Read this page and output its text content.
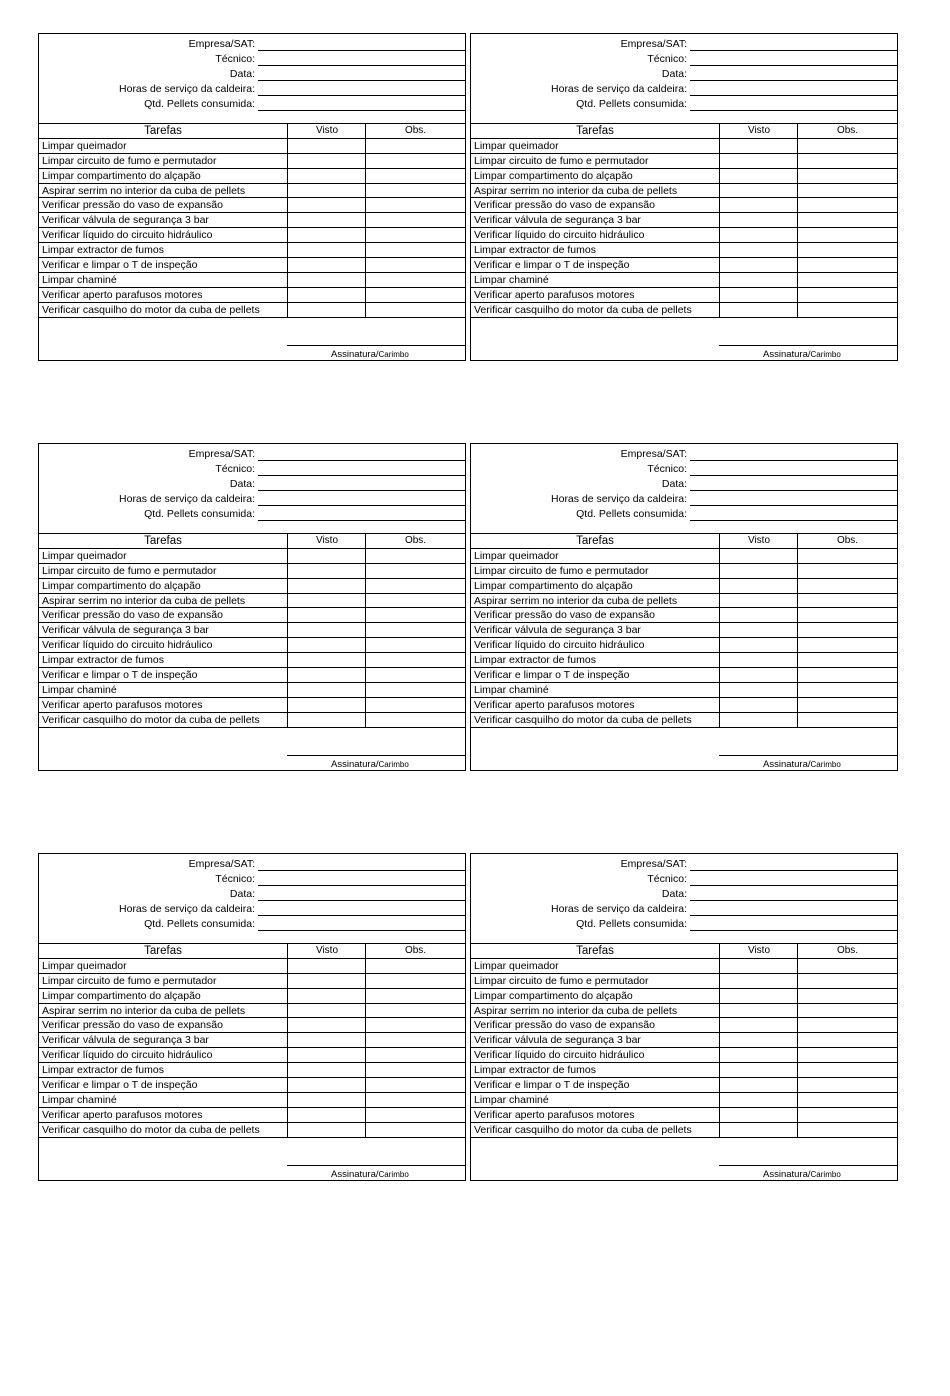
Empresa/SAT:
Técnico:
Data:
Horas de serviço da caldeira:
Qtd. Pellets consumida:
Tarefas	Visto	Obs.
Limpar queimador
Limpar circuito de fumo e permutador
Limpar compartimento do alçapão
Aspirar serrim no interior da cuba de pellets
Verificar pressão do vaso de expansão
Verificar válvula de segurança 3 bar
Verificar líquido do circuito hidráulico
Limpar extractor de fumos
Verificar e limpar o T de inspeção
Limpar chaminé
Verificar aperto parafusos motores
Verificar casquilho do motor da cuba de pellets
Assinatura/Carimbo
Empresa/SAT:
Técnico:
Data:
Horas de serviço da caldeira:
Qtd. Pellets consumida:
Tarefas	Visto	Obs.
Limpar queimador
Limpar circuito de fumo e permutador
Limpar compartimento do alçapão
Aspirar serrim no interior da cuba de pellets
Verificar pressão do vaso de expansão
Verificar válvula de segurança 3 bar
Verificar líquido do circuito hidráulico
Limpar extractor de fumos
Verificar e limpar o T de inspeção
Limpar chaminé
Verificar aperto parafusos motores
Verificar casquilho do motor da cuba de pellets
Assinatura/Carimbo
Empresa/SAT:
Técnico:
Data:
Horas de serviço da caldeira:
Qtd. Pellets consumida:
Tarefas	Visto	Obs.
Limpar queimador
Limpar circuito de fumo e permutador
Limpar compartimento do alçapão
Aspirar serrim no interior da cuba de pellets
Verificar pressão do vaso de expansão
Verificar válvula de segurança 3 bar
Verificar líquido do circuito hidráulico
Limpar extractor de fumos
Verificar e limpar o T de inspeção
Limpar chaminé
Verificar aperto parafusos motores
Verificar casquilho do motor da cuba de pellets
Assinatura/Carimbo
Empresa/SAT:
Técnico:
Data:
Horas de serviço da caldeira:
Qtd. Pellets consumida:
Tarefas	Visto	Obs.
Limpar queimador
Limpar circuito de fumo e permutador
Limpar compartimento do alçapão
Aspirar serrim no interior da cuba de pellets
Verificar pressão do vaso de expansão
Verificar válvula de segurança 3 bar
Verificar líquido do circuito hidráulico
Limpar extractor de fumos
Verificar e limpar o T de inspeção
Limpar chaminé
Verificar aperto parafusos motores
Verificar casquilho do motor da cuba de pellets
Assinatura/Carimbo
Empresa/SAT:
Técnico:
Data:
Horas de serviço da caldeira:
Qtd. Pellets consumida:
Tarefas	Visto	Obs.
Limpar queimador
Limpar circuito de fumo e permutador
Limpar compartimento do alçapão
Aspirar serrim no interior da cuba de pellets
Verificar pressão do vaso de expansão
Verificar válvula de segurança 3 bar
Verificar líquido do circuito hidráulico
Limpar extractor de fumos
Verificar e limpar o T de inspeção
Limpar chaminé
Verificar aperto parafusos motores
Verificar casquilho do motor da cuba de pellets
Assinatura/Carimbo
Empresa/SAT:
Técnico:
Data:
Horas de serviço da caldeira:
Qtd. Pellets consumida:
Tarefas	Visto	Obs.
Limpar queimador
Limpar circuito de fumo e permutador
Limpar compartimento do alçapão
Aspirar serrim no interior da cuba de pellets
Verificar pressão do vaso de expansão
Verificar válvula de segurança 3 bar
Verificar líquido do circuito hidráulico
Limpar extractor de fumos
Verificar e limpar o T de inspeção
Limpar chaminé
Verificar aperto parafusos motores
Verificar casquilho do motor da cuba de pellets
Assinatura/Carimbo
